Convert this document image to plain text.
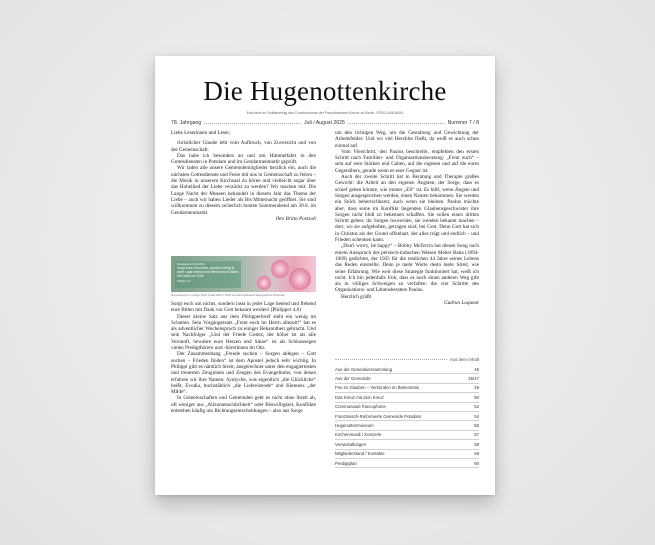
Die Hugenottenkirche
Erscheint im Selbstverlag des Consistoriums der Französischen Kirche zu Berlin, ISSN 1436-865X
78. Jahrgang	Juli / August 2025	Nummer 7 / 8

Liebe Leserinnen und Leser,

christlicher Glaube lebt vom Aufbruch, von Zuversicht und von der Gemeinschaft.

Das habe ich besonders an und um Himmelfahrt in den Gottesdiensten in Potsdam und im Gendarmenmarkt geprüft.

Wir laden alle unsere Gemeindemitglieder herzlich ein, auch die nächsten Gottesdienste und Feste mit uns in Gemeinschaft zu feiern – die Musik in unserem Kirchsaal zu hören und vielleicht sogar über das Hoheliied der Liebe verzückt zu werden? Wir machen mit: Die Lange Nacht der Museen behandelt in diesem Jahr das Thema der Liebe – auch wir haben Lieder als Bis Mitternacht geöffnet. Sie sind willkommen zu diesem sicherlich bunten Sommerabend am 30.8. im Gendarmenmarkt.

Ihre Britta Poetzolt

Monatsspruch Juli 2025
Sorgt euch um nichts, sondern bringt in jeder Lage betend und flehend eure Bitten mit Dank vor Gott!
Philipper 4,6
Monatsspruch im Folgen 2025 Grafik GEP © 2025 Gemeinschaftswerk Evangelische Publizistik

Sorgt euch um nichts, sondern lasst in jeder Lage betend und flehend eure Bitten mit Dank vor Gott bekannt werden! (Philipper 4,6)

Dieser kleine Satz aus dem Philipperbrief steht ein wenig im Schatten. Sein Vorgängersatz „Freut euch im Herrn allezeit!“ hat es als adventlicher Wochenspruch zu einiger Bekanntheit gebracht. Und sein Nachfolger „Und der Friede Gottes, der höher ist als alle Vernunft, bewahre eure Herzen und Sinne“ ist als Schlusssegen vielen Predigthörern und -hörerinnen im Ohr.

Der Zusammenhang „Freude suchen – Sorgen ablegen – Gott suchen – Frieden finden“ ist dem Apostel jedoch sehr wichtig. In Philippi gibt es nämlich Streit, ausgerechnet unter den engagiertesten und treuesten Zeuginnen und Zeugen des Evangeliums; von denen erfahren wir ihre Namen: Syntyche, was eigentlich „die Glückliche“ heißt, Evodia, buchstäblich „die Liebreizende“ und Klemens „der Milde“.

In Gemeinschaften und Gemeinden geht es nicht ohne Streit ab, oft weniger aus „Allzumenschlichkeit“ oder Böswilligkeit, Konflikte entstehen häufig um Richtungsentscheidungen – also aus Sorge

um den richtigen Weg, um die Gestaltung und Gewichtung der Arbeitsfelder. Und wo viel Herzblut fließt, da weiß es auch schon einmal auf.

Vom Vierschritt, den Paulus beschreibt, empfehlen den ersten Schritt nach Familien- und Organisationsberatung: „Freut euch“ – seht auf eure Stärken und Gaben, auf die eigenen und auf die eures Gegenübers, gerade wenn es euer Gegner ist.

Auch der zweite Schritt hat in Beratung und Therapie großes Gewicht: die Arbeit an den eigenen Ängsten, der Sorge, dass es schief gehen könnte, wie immer „ES“ ist. Es hilft, wenn Ängste und Sorgen ausgesprochen werden, einen Namen bekommen. Sie werden ein Stück beherrschbarer, auch wenn sie bleiben. Paulus möchte aber, dass seine im Konflikt liegenden Glaubensgeschwister ihre Sorgen nicht bloß zu bekennen schaffen. Sie sollen einen dritten Schritt gehen: ihr Sorgen loswerden, sie wenden bekannt machen – dort, wo sie aufgehoben, getragen sind, bei Gott. Denn Gott hat sich in Christus als der Grund offenbart, der alles trägt und endlich – und Frieden schenken kann.

„Don't worry, be happy“ – Bobby McFerrin hat diesen Song nach einem Ausspruch des persisch-indischen Weisen Meher Baba (1894-1969) gedichtet, der 1925 für die restlichen 44 Jahre seines Lebens das Reden einstellte. Denn je mehr Worte desto mehr Streit, wie seine Erfahrung. Wie weit diese Strategie funktioniert hat, weiß ich nicht. Ich bin jedenfalls froh, dass es noch einen anderen Weg gibt als in völliges Schweigen zu verfallen: die vier Schritte des Organisations- und Lebensberaters Paulus.

Herzlich grüßt

Gudrun Laqueur

Aus dem Inhalt
Aus der Generalversammlung	46
Aus der Gemeinde	46/47
Frei im Glauben – Verkünden im Bekenntnis	49
Das Kreuz mit dem Kreuz	50
Communauté francophone	52
Französisch-Reformierte Gemeinde Potsdam	54
Hugenottenmuseum	55
Kirchenmusik / Konzerte	57
Veranstaltungen	58
Mitgliederstand / Kontakte	59
Predigtplan	60
